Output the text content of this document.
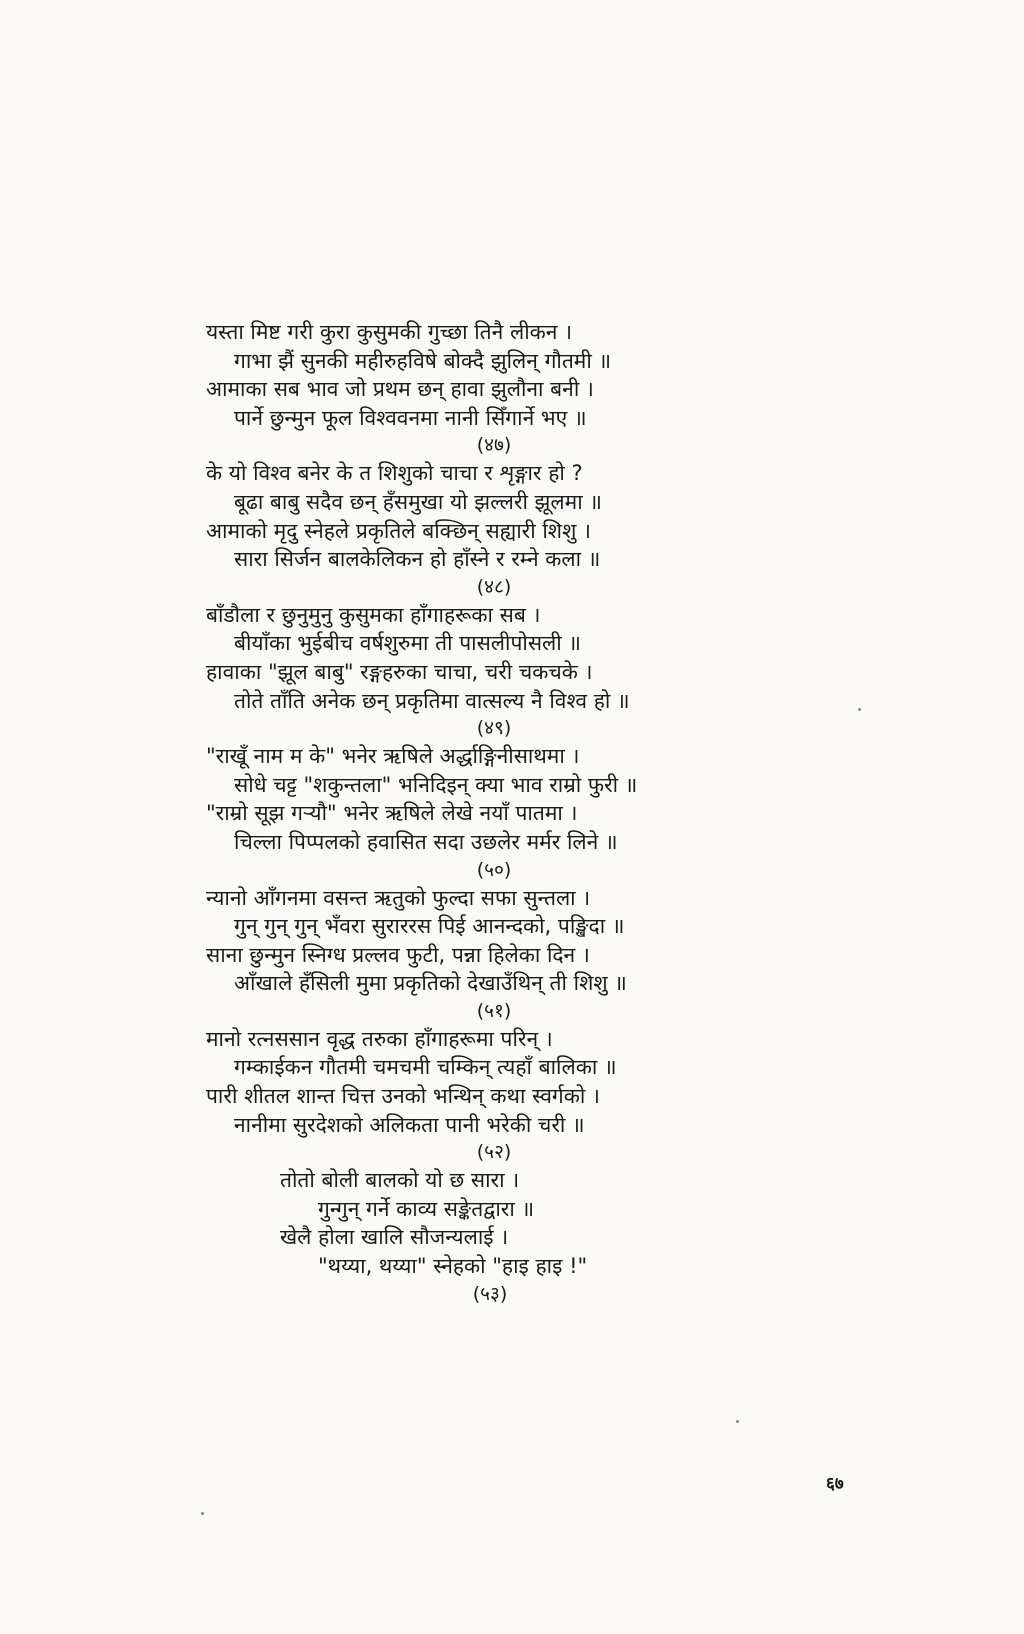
यस्ता मिष्ट गरी कुरा कुसुमकी गुच्छा तिनै लीकन ।
गाभा झैं सुनकी महीरुहविषे बोक्दै झुलिन् गौतमी ॥
आमाका सब भाव जो प्रथम छन् हावा झुलौना बनी ।
पार्ने छुन्मुन फूल विश्ववनमा नानी सिँगार्ने भए ॥
(४७)
के यो विश्व बनेर के त शिशुको चाचा र शृङ्गार हो ?
बूढा बाबु सदैव छन् हँसमुखा यो झल्लरी झूलमा ॥
आमाको मृदु स्नेहले प्रकृतिले बक्छिन् सह्यारी शिशु ।
सारा सिर्जन बालकेलिकन हो हाँस्ने र रम्ने कला ॥
(४८)
बाँडौला र छुनुमुनु कुसुमका हाँगाहरूका सब ।
बीयाँका भुईबीच वर्षशुरुमा ती पासलीपोसली ॥
हावाका "झूल बाबु" रङ्गहरुका चाचा, चरी चकचके ।
तोते ताँति अनेक छन् प्रकृतिमा वात्सल्य नै विश्व हो ॥
(४९)
"राखूँ नाम म के" भनेर ऋषिले अर्द्धाङ्गिनीसाथमा ।
सोधे चट्ट "शकुन्तला" भनिदिइन् क्या भाव राम्रो फुरी ॥
"राम्रो सूझ गर्‍यौ" भनेर ऋषिले लेखे नयाँ पातमा ।
चिल्ला पिप्पलको हवासित सदा उछलेर मर्मर लिने ॥
(५०)
न्यानो आँगनमा वसन्त ऋतुको फुल्दा सफा सुन्तला ।
गुन् गुन् गुन् भँवरा सुराररस पिई आनन्दको, पङ्खिदा ॥
साना छुन्मुन स्निग्ध प्रल्लव फुटी, पन्ना हिलेका दिन ।
आँखाले हँसिली मुमा प्रकृतिको देखाउँथिन् ती शिशु ॥
(५१)
मानो रत्नससान वृद्ध तरुका हाँगाहरूमा परिन् ।
गम्काईकन गौतमी चमचमी चम्किन् त्यहाँ बालिका ॥
पारी शीतल शान्त चित्त उनको भन्थिन् कथा स्वर्गको ।
नानीमा सुरदेशको अलिकता पानी भरेकी चरी ॥
(५२)
तोतो बोली बालको यो छ सारा ।
गुन्गुन् गर्ने काव्य सङ्केतद्वारा ॥
खेलै होला खालि सौजन्यलाई ।
"थय्या, थय्या" स्नेहको "हाइ हाइ !"
(५३)
६७
